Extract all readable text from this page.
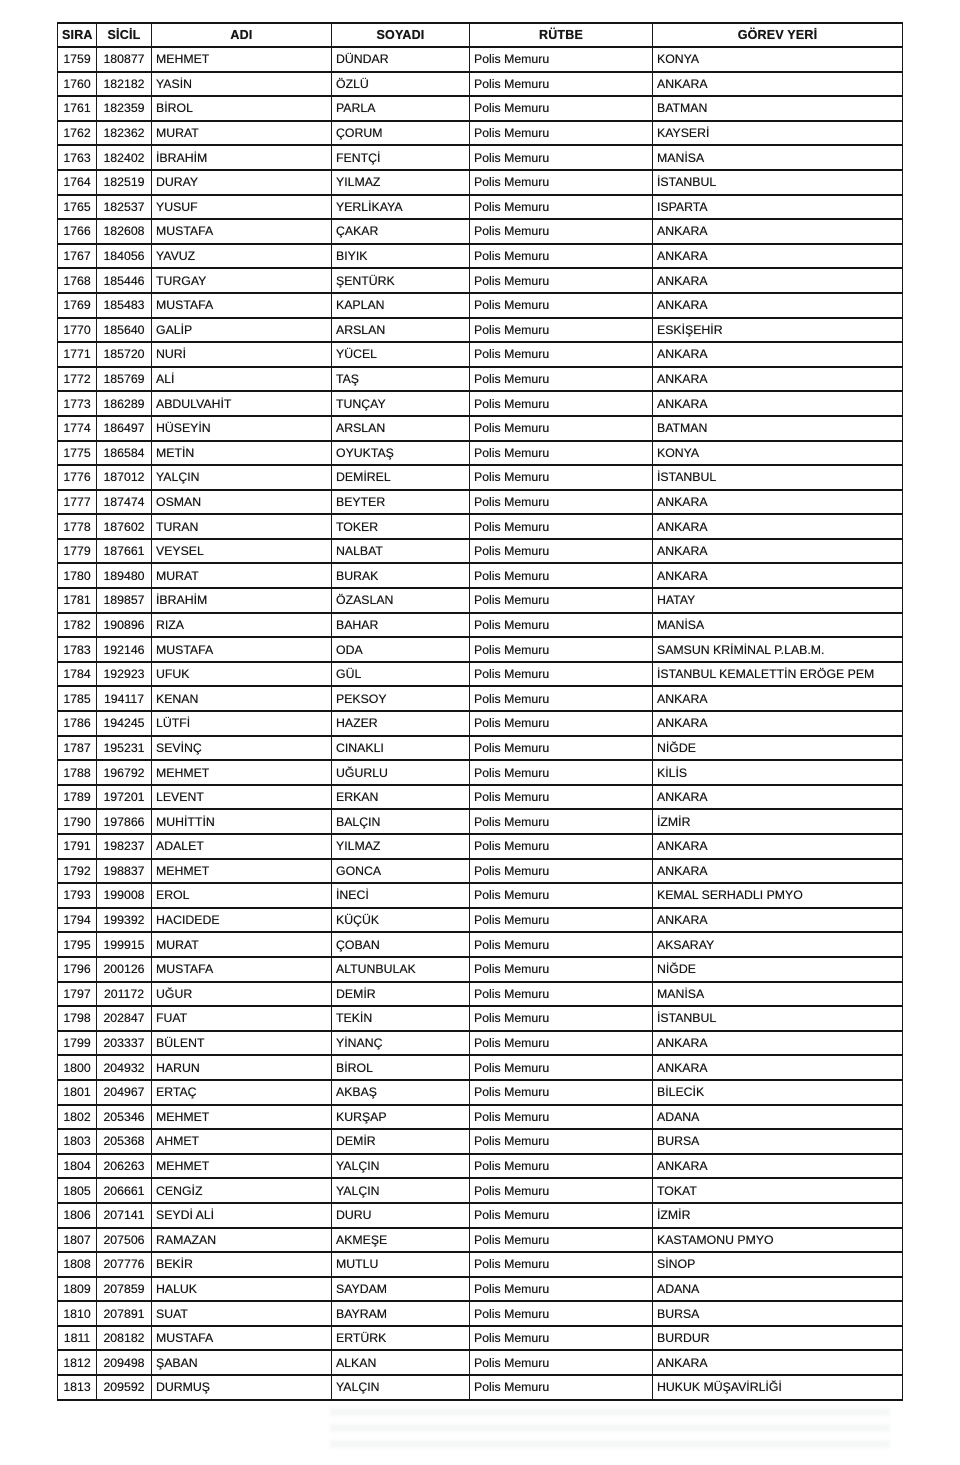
SIRA	SİCİL	ADI	SOYADI	RÜTBE	GÖREV YERİ
1759	180877	MEHMET	DÜNDAR	Polis Memuru	KONYA
1760	182182	YASİN	ÖZLÜ	Polis Memuru	ANKARA
1761	182359	BİROL	PARLA	Polis Memuru	BATMAN
1762	182362	MURAT	ÇORUM	Polis Memuru	KAYSERİ
1763	182402	İBRAHİM	FENTÇİ	Polis Memuru	MANİSA
1764	182519	DURAY	YILMAZ	Polis Memuru	İSTANBUL
1765	182537	YUSUF	YERLİKAYA	Polis Memuru	ISPARTA
1766	182608	MUSTAFA	ÇAKAR	Polis Memuru	ANKARA
1767	184056	YAVUZ	BIYIK	Polis Memuru	ANKARA
1768	185446	TURGAY	ŞENTÜRK	Polis Memuru	ANKARA
1769	185483	MUSTAFA	KAPLAN	Polis Memuru	ANKARA
1770	185640	GALİP	ARSLAN	Polis Memuru	ESKİŞEHİR
1771	185720	NURİ	YÜCEL	Polis Memuru	ANKARA
1772	185769	ALİ	TAŞ	Polis Memuru	ANKARA
1773	186289	ABDULVAHİT	TUNÇAY	Polis Memuru	ANKARA
1774	186497	HÜSEYİN	ARSLAN	Polis Memuru	BATMAN
1775	186584	METİN	OYUKTAŞ	Polis Memuru	KONYA
1776	187012	YALÇIN	DEMİREL	Polis Memuru	İSTANBUL
1777	187474	OSMAN	BEYTER	Polis Memuru	ANKARA
1778	187602	TURAN	TOKER	Polis Memuru	ANKARA
1779	187661	VEYSEL	NALBAT	Polis Memuru	ANKARA
1780	189480	MURAT	BURAK	Polis Memuru	ANKARA
1781	189857	İBRAHİM	ÖZASLAN	Polis Memuru	HATAY
1782	190896	RIZA	BAHAR	Polis Memuru	MANİSA
1783	192146	MUSTAFA	ODA	Polis Memuru	SAMSUN KRİMİNAL P.LAB.M.
1784	192923	UFUK	GÜL	Polis Memuru	İSTANBUL KEMALETTİN ERÖGE PEM
1785	194117	KENAN	PEKSOY	Polis Memuru	ANKARA
1786	194245	LÜTFİ	HAZER	Polis Memuru	ANKARA
1787	195231	SEVİNÇ	CINAKLI	Polis Memuru	NİĞDE
1788	196792	MEHMET	UĞURLU	Polis Memuru	KİLİS
1789	197201	LEVENT	ERKAN	Polis Memuru	ANKARA
1790	197866	MUHİTTİN	BALÇIN	Polis Memuru	İZMİR
1791	198237	ADALET	YILMAZ	Polis Memuru	ANKARA
1792	198837	MEHMET	GONCA	Polis Memuru	ANKARA
1793	199008	EROL	İNECİ	Polis Memuru	KEMAL SERHADLI PMYO
1794	199392	HACIDEDE	KÜÇÜK	Polis Memuru	ANKARA
1795	199915	MURAT	ÇOBAN	Polis Memuru	AKSARAY
1796	200126	MUSTAFA	ALTUNBULAK	Polis Memuru	NİĞDE
1797	201172	UĞUR	DEMİR	Polis Memuru	MANİSA
1798	202847	FUAT	TEKİN	Polis Memuru	İSTANBUL
1799	203337	BÜLENT	YİNANÇ	Polis Memuru	ANKARA
1800	204932	HARUN	BİROL	Polis Memuru	ANKARA
1801	204967	ERTAÇ	AKBAŞ	Polis Memuru	BİLECİK
1802	205346	MEHMET	KURŞAP	Polis Memuru	ADANA
1803	205368	AHMET	DEMİR	Polis Memuru	BURSA
1804	206263	MEHMET	YALÇIN	Polis Memuru	ANKARA
1805	206661	CENGİZ	YALÇIN	Polis Memuru	TOKAT
1806	207141	SEYDİ ALİ	DURU	Polis Memuru	İZMİR
1807	207506	RAMAZAN	AKMEŞE	Polis Memuru	KASTAMONU PMYO
1808	207776	BEKİR	MUTLU	Polis Memuru	SİNOP
1809	207859	HALUK	SAYDAM	Polis Memuru	ADANA
1810	207891	SUAT	BAYRAM	Polis Memuru	BURSA
1811	208182	MUSTAFA	ERTÜRK	Polis Memuru	BURDUR
1812	209498	ŞABAN	ALKAN	Polis Memuru	ANKARA
1813	209592	DURMUŞ	YALÇIN	Polis Memuru	HUKUK MÜŞAVİRLİĞİ
